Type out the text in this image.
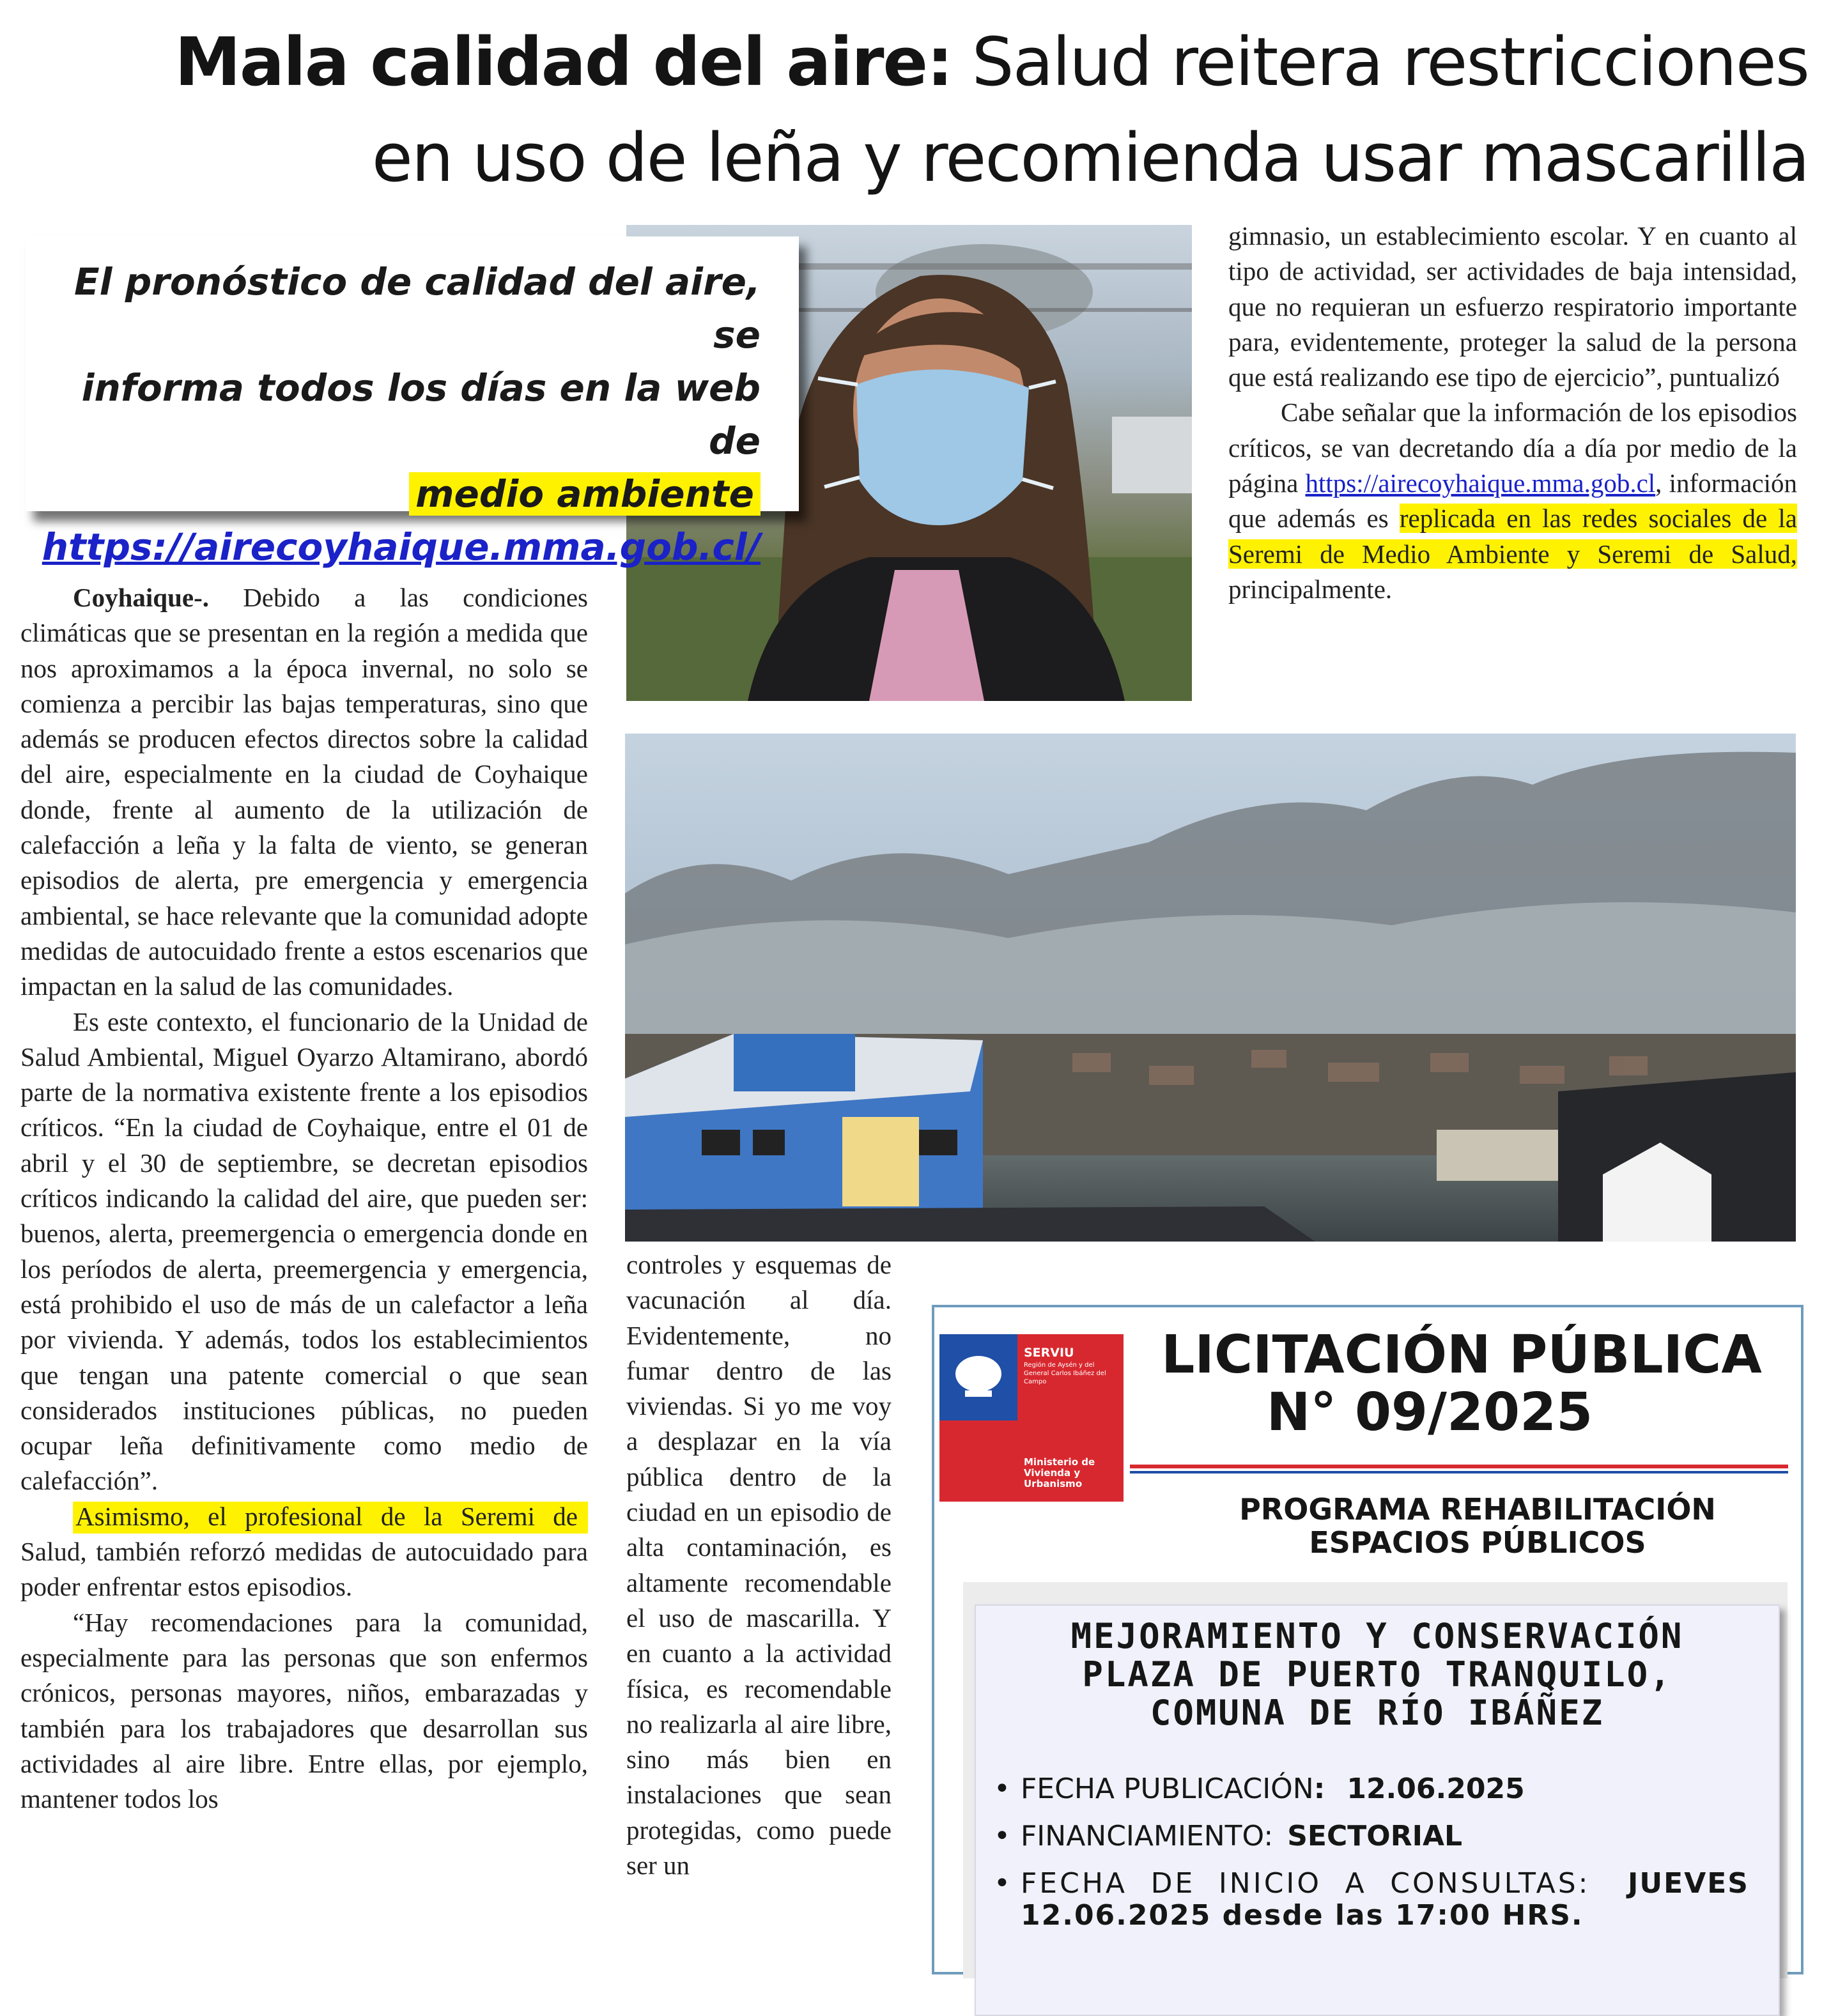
Mala calidad del aire: Salud reitera restricciones
en uso de leña y recomienda usar mascarilla
El pronóstico de calidad del aire, se
informa todos los días en la web de
medio ambiente
https://airecoyhaique.mma.gob.cl/

Coyhaique-. Debido a las condiciones climáticas que se presentan en la región a medida que nos aproximamos a la época invernal, no solo se comienza a percibir las bajas temperaturas, sino que además se producen efectos directos sobre la calidad del aire, especialmente en la ciudad de Coyhaique donde, frente al aumento de la utilización de calefacción a leña y la falta de viento, se generan episodios de alerta, pre emergencia y emergencia ambiental, se hace relevante que la comunidad adopte medidas de autocuidado frente a estos escenarios que impactan en la salud de las comunidades.

Es este contexto, el funcionario de la Unidad de Salud Ambiental, Miguel Oyarzo Altamirano, abordó parte de la normativa existente frente a los episodios críticos. “En la ciudad de Coyhaique, entre el 01 de abril y el 30 de septiembre, se decretan episodios críticos indicando la calidad del aire, que pueden ser: buenos, alerta, preemergencia o emergencia donde en los períodos de alerta, preemergencia y emergencia, está prohibido el uso de más de un calefactor a leña por vivienda. Y además, todos los establecimientos que tengan una patente comercial o que sean considerados instituciones públicas, no pueden ocupar leña definitivamente como medio de calefacción”.

Asimismo, el profesional de la Seremi de Salud, también reforzó medidas de autocuidado para poder enfrentar estos episodios.

“Hay recomendaciones para la comunidad, especialmente para las personas que son enfermos crónicos, personas mayores, niños, embarazadas y también para los trabajadores que desarrollan sus actividades al aire libre. Entre ellas, por ejemplo, mantener todos los

controles y esquemas de vacunación al día. Evidentemente, no fumar dentro de las viviendas. Si yo me voy a desplazar en la vía pública dentro de la ciudad en un episodio de alta contaminación, es altamente recomendable el uso de mascarilla. Y en cuanto a la actividad física, es recomendable no realizarla al aire libre, sino más bien en instalaciones que sean protegidas, como puede ser un

gimnasio, un establecimiento escolar. Y en cuanto al tipo de actividad, ser actividades de baja intensidad, que no requieran un esfuerzo respiratorio importante para, evidentemente, proteger la salud de la persona que está realizando ese tipo de ejercicio”, puntualizó

Cabe señalar que la información de los episodios críticos, se van decretando día a día por medio de la página https://airecoyhaique.mma.gob.cl, información que además es replicada en las redes sociales de la Seremi de Medio Ambiente y Seremi de Salud, principalmente.

SERVIU
Región de Aysén y del General Carlos Ibáñez del Campo
Ministerio de Vivienda y Urbanismo
LICITACIÓN PÚBLICA
N° 09/2025
PROGRAMA REHABILITACIÓN
ESPACIOS PÚBLICOS
MEJORAMIENTO Y CONSERVACIÓN
PLAZA DE PUERTO TRANQUILO,
COMUNA DE RÍO IBÁÑEZ
• FECHA PUBLICACIÓN: 12.06.2025
• FINANCIAMIENTO: SECTORIAL
• FECHA DE INICIO A CONSULTAS: JUEVES 12.06.2025 desde las 17:00 HRS.
